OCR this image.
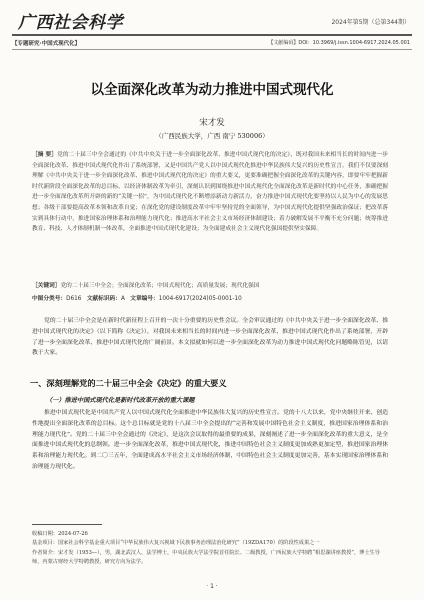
广西社会科学	2024年第5期（总第344期）
【专题研究·中国式现代化】	【文献编码】DOI：10.3969/j.issn.1004-6917.2024.05.001
以全面深化改革为动力推进中国式现代化
宋才发
（广西民族大学，广西 南宁 530006）
［摘 要］党的二十届三中全会通过的《中共中央关于进一步全面深化改革、推进中国式现代化的决定》，既对我国未来相当长的时间内进一步全面深化改革、推进中国式现代化作出了系统部署，又是中国共产党人以中国式现代化推进中华民族伟大复兴的历史性宣言。我们不仅要深刻理解《中共中央关于进一步全面深化改革、推进中国式现代化的决定》的重大要义，更要准确把握全面深化改革的关键内容，即要牢牢把握新时代新阶段全面深化改革的总目标，以经济体制改革为牵引，深刻认识到围绕推进中国式现代化全面深化改革是新时代的中心任务，准确把握进一步全面深化改革所开辟的新的“关键一招”，为中国式现代化不断增添新动力新活力。奋力推进中国式现代化要坚持以人民为中心的发展思想；各级干部要提高改革本领和改革自觉；在深化党的建设制度改革中牢牢坚持党的全面领导，为中国式现代化提供坚强政治保证；把改革落实到具体行动中，推进国家治理体系和治理能力现代化；推进高水平社会主义市场经济体制建设；着力破解发展不平衡不充分问题；统筹推进教育、科技、人才体制机制一体改革，全面推进中国式现代化建设；为全面建成社会主义现代化强国提供坚实保障。
［关键词］党的二十届三中全会；全面深化改革；中国式现代化；高质量发展；现代化强国
中图分类号：D616 文献标识码：A 文章编号：1004-6917(2024)05-0001-10
党的二十届三中全会是在新时代新征程上召开的一次十分重要的历史性会议。全会审议通过的《中共中央关于进一步全面深化改革、推进中国式现代化的决定》（以下简称《决定》），对我国未来相当长的时间内进一步全面深化改革、推进中国式现代化作出了系统部署，开辟了进一步全面深化改革、推进中国式现代化的广阔前景。本文拟就如何以进一步全面深化改革为动力推进中国式现代化问题略陈管见，以请教于大家。
一、深刻理解党的二十届三中全会《决定》的重大要义
（一）推进中国式现代化是新时代改革开放的重大课题
推进中国式现代化是中国共产党人以中国式现代化全面推进中华民族伟大复兴的历史性宣言。党的十八大以来，党中央继往开来、创造性地提出全面深化改革的总目标。这个总目标就是党的十八届三中全会提出的“完善和发展中国特色社会主义制度，推进国家治理体系和治理能力现代化”。党的二十届三中全会通过的《决定》，是这次会议取得的最重要的成果，深刻阐述了进一步全面深化改革的重大意义，是全面推进中国式现代化的总纲领。进一步全面深化改革，推进中国式现代化，推进中国特色社会主义制度更加成熟更加定型，推进国家治理体系和治理能力现代化。到二〇三五年，全面建成高水平社会主义市场经济体制，中国特色社会主义制度更加完善，基本实现国家治理体系和治理能力现代化。
收稿日期：2024-07-26
基金项目：国家社会科学基金重大项目“中华民族伟大复兴视域下民族事务治理法治化研究”（19ZDA170）的阶段性成果之一
作者简介：宋才发（1953—），男，湖北武汉人，法学博士，中央民族大学法学院首任院长、二级教授，广西民族大学特聘“相思湖讲座教授”，博士生导师，内蒙古财经大学特聘教授，研究方向为法学。
· 1 ·
